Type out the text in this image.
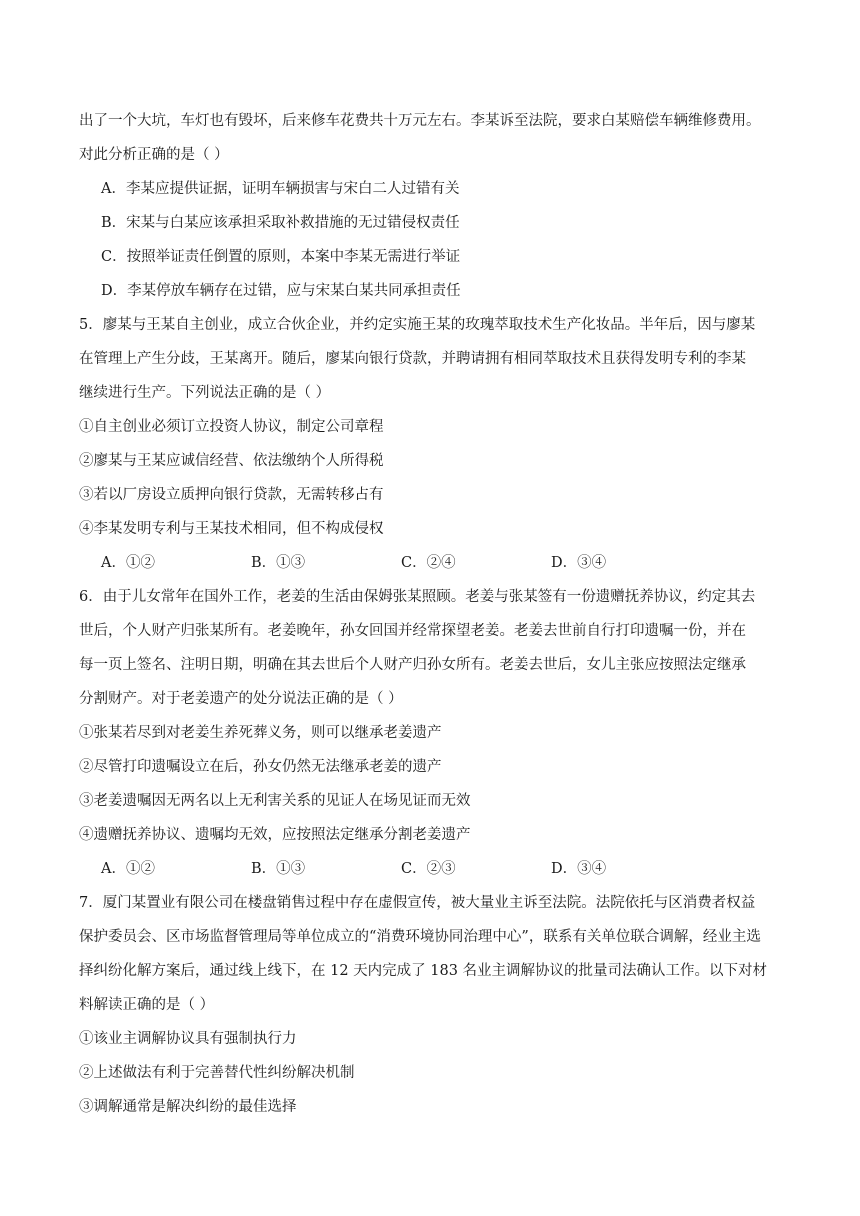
出了一个大坑，车灯也有毁坏，后来修车花费共十万元左右。李某诉至法院，要求白某赔偿车辆维修费用。
对此分析正确的是（ ）
A．李某应提供证据，证明车辆损害与宋白二人过错有关
B．宋某与白某应该承担采取补救措施的无过错侵权责任
C．按照举证责任倒置的原则，本案中李某无需进行举证
D．李某停放车辆存在过错，应与宋某白某共同承担责任
5．廖某与王某自主创业，成立合伙企业，并约定实施王某的玫瑰萃取技术生产化妆品。半年后，因与廖某
在管理上产生分歧，王某离开。随后，廖某向银行贷款，并聘请拥有相同萃取技术且获得发明专利的李某
继续进行生产。下列说法正确的是（ ）
①自主创业必须订立投资人协议，制定公司章程
②廖某与王某应诚信经营、依法缴纳个人所得税
③若以厂房设立质押向银行贷款，无需转移占有
④李某发明专利与王某技术相同，但不构成侵权
A．①②	B．①③	C．②④	D．③④
6．由于儿女常年在国外工作，老姜的生活由保姆张某照顾。老姜与张某签有一份遗赠抚养协议，约定其去
世后，个人财产归张某所有。老姜晚年，孙女回国并经常探望老姜。老姜去世前自行打印遗嘱一份，并在
每一页上签名、注明日期，明确在其去世后个人财产归孙女所有。老姜去世后，女儿主张应按照法定继承
分割财产。对于老姜遗产的处分说法正确的是（ ）
①张某若尽到对老姜生养死葬义务，则可以继承老姜遗产
②尽管打印遗嘱设立在后，孙女仍然无法继承老姜的遗产
③老姜遗嘱因无两名以上无利害关系的见证人在场见证而无效
④遗赠抚养协议、遗嘱均无效，应按照法定继承分割老姜遗产
A．①②	B．①③	C．②③	D．③④
7．厦门某置业有限公司在楼盘销售过程中存在虚假宣传，被大量业主诉至法院。法院依托与区消费者权益
保护委员会、区市场监督管理局等单位成立的“消费环境协同治理中心”，联系有关单位联合调解，经业主选
择纠纷化解方案后，通过线上线下，在 12 天内完成了 183 名业主调解协议的批量司法确认工作。以下对材
料解读正确的是（ ）
①该业主调解协议具有强制执行力
②上述做法有利于完善替代性纠纷解决机制
③调解通常是解决纠纷的最佳选择
